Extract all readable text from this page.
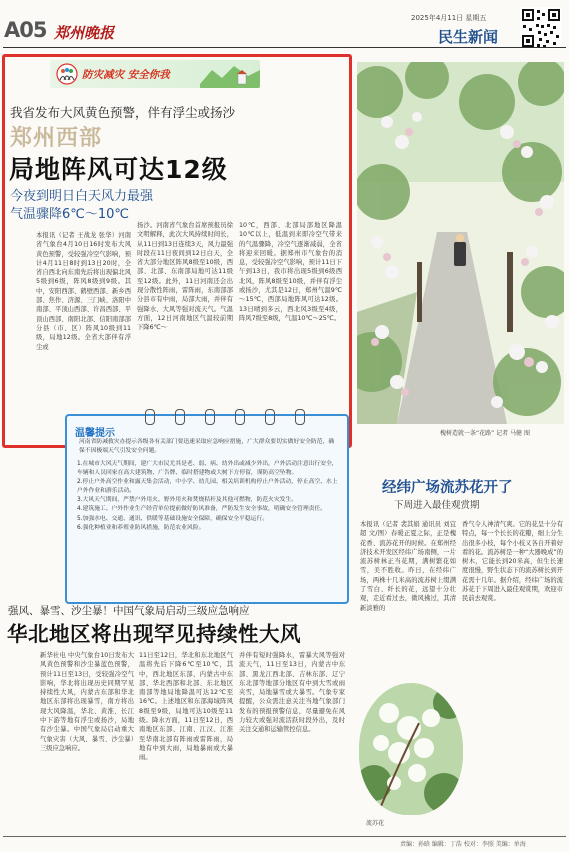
A05 郑州晚报
2025年4月11日 星期五
民生新闻
防灾减灾 安全你我
我省发布大风黄色预警，伴有浮尘或扬沙
郑州西部
局地阵风可达12级
今夜到明日白天风力最强
气温骤降6℃～10℃

本报讯（记者 王战龙 张华）河南省气象台4月10日16时发布大风黄色预警，受较强冷空气影响，预计4月11日8时到13日20时，全省自西北向东南先后将出现偏北风5级到6级，阵风8级到9级。其中，安阳西部、鹤壁西部、新乡西部、焦作、济源、三门峡、洛阳中南部、平顶山西部、许昌西部、平顶山西部、南阳北部、信阳南部部分县（市、区）阵风10级到11级，局地12级。全省大部伴有浮尘或

扬沙。河南省气象台首席预报员徐文明解释，此次大风持续时间长，从11日到13日连续3天，风力最强时段在11日夜间到12日白天，全省大部分地区阵风8级至10级，西部、北部、东南部局地可达11级至12级。此外，11日河南还会出现分散性阵雨，雷阵雨，东南部部分县市有中雨，局部大雨，并伴有强降水、大风等强对流天气。气温方面，12日河南地区气温较前期下降6℃～

10℃，西部、北部局部地区降温10℃以上，低温到来即冷空气带来的气温骤降，冷空气逐渐减弱，全省将迎来回暖。据郑州市气象台的消息，受较强冷空气影响，预计11日下午到13日，我市将出现5级到6级西北风，阵风8级至10级，并伴有浮尘或扬沙，尤其是12日，郑州气温9℃～15℃，西部局地阵风可达12级。13日晴到多云，西北风3级至4级，阵风7级至8级，气温10℃～25℃。

温馨提示
河南省防减救灾办提示各级各有关部门要迅速采取应急响应措施，广大群众要切实做好安全防范，确保不因极端天气引发安全问题。

1.在城市大风天气期间，建广大市民尤其是老、弱、病、幼外出或减少外出，户外活动注意出行安全，车辆和人员回家在高大建筑物、广告牌、临时搭建物或大树下方停留，谨防高空坠物。

2.停止户外高空作业和露天集会活动，中小学、幼儿园、相关培训机构停止户外活动，停止高空、水上户外作业和游乐活动。

3.大风天气期间，严禁户外用火、野外用火和焚烧秸秆及其他可燃物，防范火灾发生。

4.建筑施工、户外作业生产经营单位提前做好防风准备，严防发生安全事故，明确安全管理责任。

5.加强水电、交通、通讯、供暖等基础设施安全保障，确保安全平稳运行。

6.强化种植业和养殖业防风措施，防范农业风险。

槐树造就一条“花路” 记者 马健 图
经纬广场流苏花开了
下周进入最佳观赏期

本报讯（记者 裴其娟 通讯员 刘宜超 文/图）春暖正夏之际，正是槐花香、流苏花开的时候。在郑州经济技术开发区经纬广场南侧，一片流苏树林正当花期，满树繁花如雪，美不胜收。昨日，在经纬广场，两株十几米高的流苏树上缀满了雪白、纤长的花，远望十分壮观，走近看过去，微风拂过，其清新淡雅的

香气令人神清气爽。它的花呈十分有特点，每一个长长的花瓣，细上分生出很多小枝，每个小枝又各自开着好看的花。流苏树是一种“大器晚成”的树木，它能长到20米高，但生长速度很慢，野生状态下的流苏树长到开花需十几年。据介绍，经纬广场的流苏花于下周进入最佳观赏期，欢迎市民前去观赏。

流苏花
强风、暴雪、沙尘暴！中国气象局启动三级应急响应
华北地区将出现罕见持续性大风

新华社电 中央气象台10日发布大风黄色预警和沙尘暴蓝色预警，预计11日至13日，受较强冷空气影响，华北将出现历史同期罕见持续性大风，内蒙古东部和华北地区东部将出现暴雪，南方将出现大风降温，华北、黄淮、长江中下游等地有浮尘或扬沙，局地有沙尘暴。中国气象局启动重大气象灾害（大风、暴雪、沙尘暴）三级应急响应。

11日至12日，华北和东北地区气温将先后下降6℃至10℃，其中，西北地区东部、内蒙古中东部、华北西部和北部、东北地区南部等地局地降温可达12℃至16℃。上述地区和东部海域阵风8级至9级，局地可达10级至11级。降水方面，11日至12日，西南地区东部、江南、江汉、江淮至华南北部有阵雨或雷阵雨，局地有中到大雨，局地暴雨或大暴雨。

并伴有短时强降水，雷暴大风等强对流天气，11日至13日，内蒙古中东部、黑龙江西北部、吉林东部、辽宁东北部等地部分地区有中到大雪或雨夹雪，局地暴雪或大暴雪。气象专家提醒，公众需注意关注当地气象部门发布的预报预警信息，尽量避免在风力较大或强对流活跃时段外出，及时关注交通和运输管控信息。

责编：孙晗 编辑：丁浩 校对：李照 美编：单海
